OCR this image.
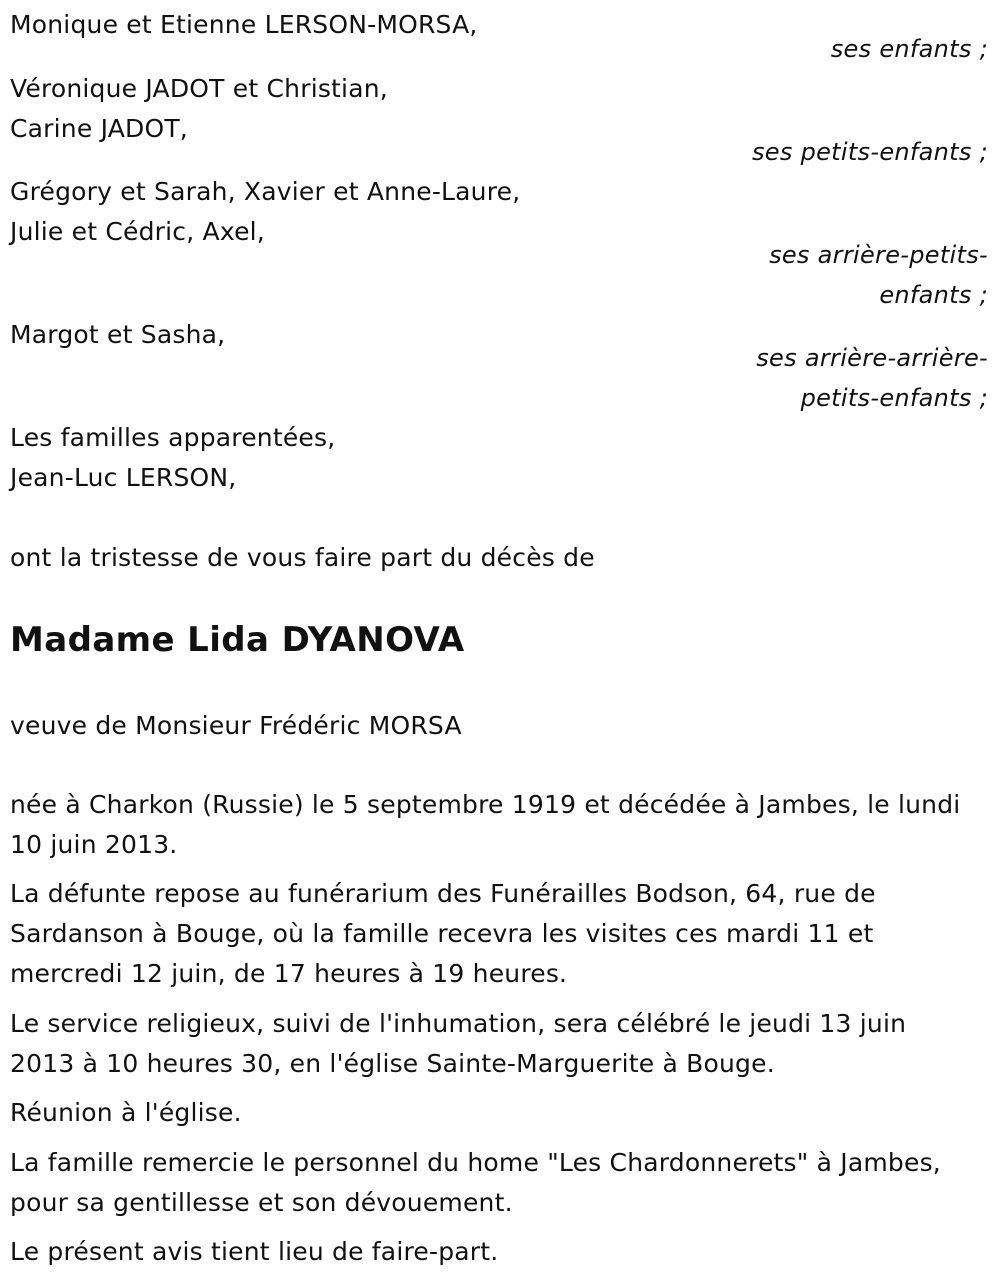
Monique et Etienne LERSON-MORSA,
ses enfants ;
Véronique JADOT et Christian,
Carine JADOT,
ses petits-enfants ;
Grégory et Sarah, Xavier et Anne-Laure,
Julie et Cédric, Axel,
ses arrière-petits-
enfants ;
Margot et Sasha,
ses arrière-arrière-
petits-enfants ;
Les familles apparentées,
Jean-Luc LERSON,
ont la tristesse de vous faire part du décès de
Madame Lida DYANOVA
veuve de Monsieur Frédéric MORSA
née à Charkon (Russie) le 5 septembre 1919 et décédée à Jambes, le lundi
10 juin 2013.
La défunte repose au funérarium des Funérailles Bodson, 64, rue de
Sardanson à Bouge, où la famille recevra les visites ces mardi 11 et
mercredi 12 juin, de 17 heures à 19 heures.
Le service religieux, suivi de l'inhumation, sera célébré le jeudi 13 juin
2013 à 10 heures 30, en l'église Sainte-Marguerite à Bouge.
Réunion à l'église.
La famille remercie le personnel du home "Les Chardonnerets" à Jambes,
pour sa gentillesse et son dévouement.
Le présent avis tient lieu de faire-part.
